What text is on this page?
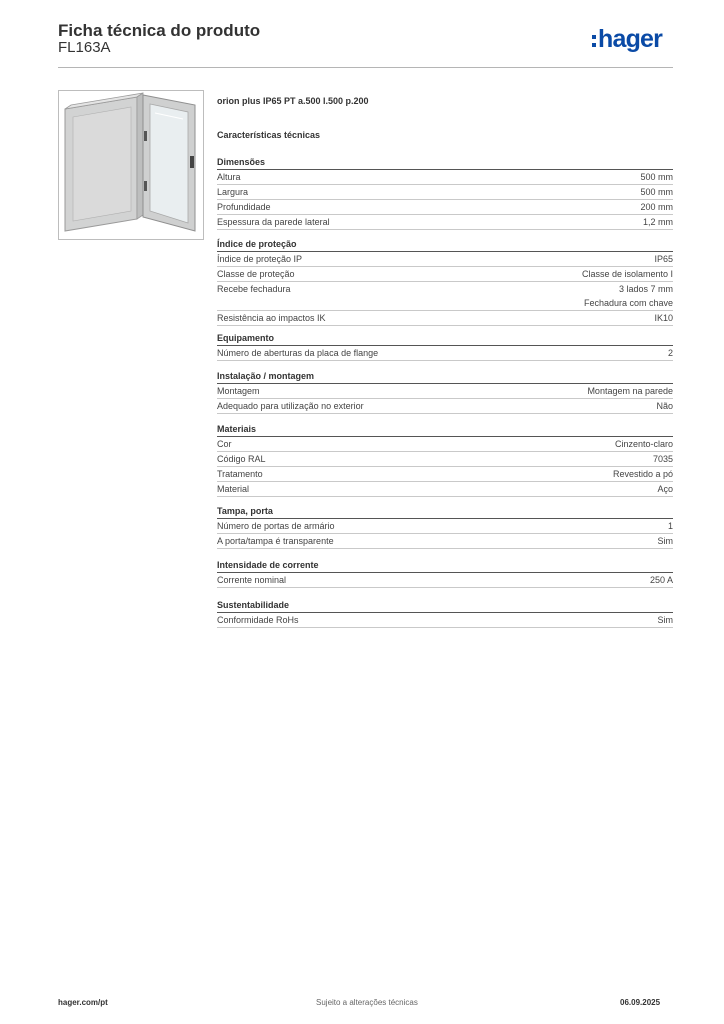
Ficha técnica do produto
FL163A	hager
orion plus IP65 PT a.500 l.500 p.200
Características técnicas
Dimensões
Altura	500 mm
Largura	500 mm
Profundidade	200 mm
Espessura da parede lateral	1,2 mm
Índice de proteção
Índice de proteção IP	IP65
Classe de proteção	Classe de isolamento I
Recebe fechadura	3 lados 7 mm
Fechadura com chave
Resistência ao impactos IK	IK10
Equipamento
Número de aberturas da placa de flange	2
Instalação / montagem
Montagem	Montagem na parede
Adequado para utilização no exterior	Não
Materiais
Cor	Cinzento-claro
Código RAL	7035
Tratamento	Revestido a pó
Material	Aço
Tampa, porta
Número de portas de armário	1
A porta/tampa é transparente	Sim
Intensidade de corrente
Corrente nominal	250 A
Sustentabilidade
Conformidade RoHs	Sim
hager.com/pt	Sujeito a alterações técnicas	06.09.2025
